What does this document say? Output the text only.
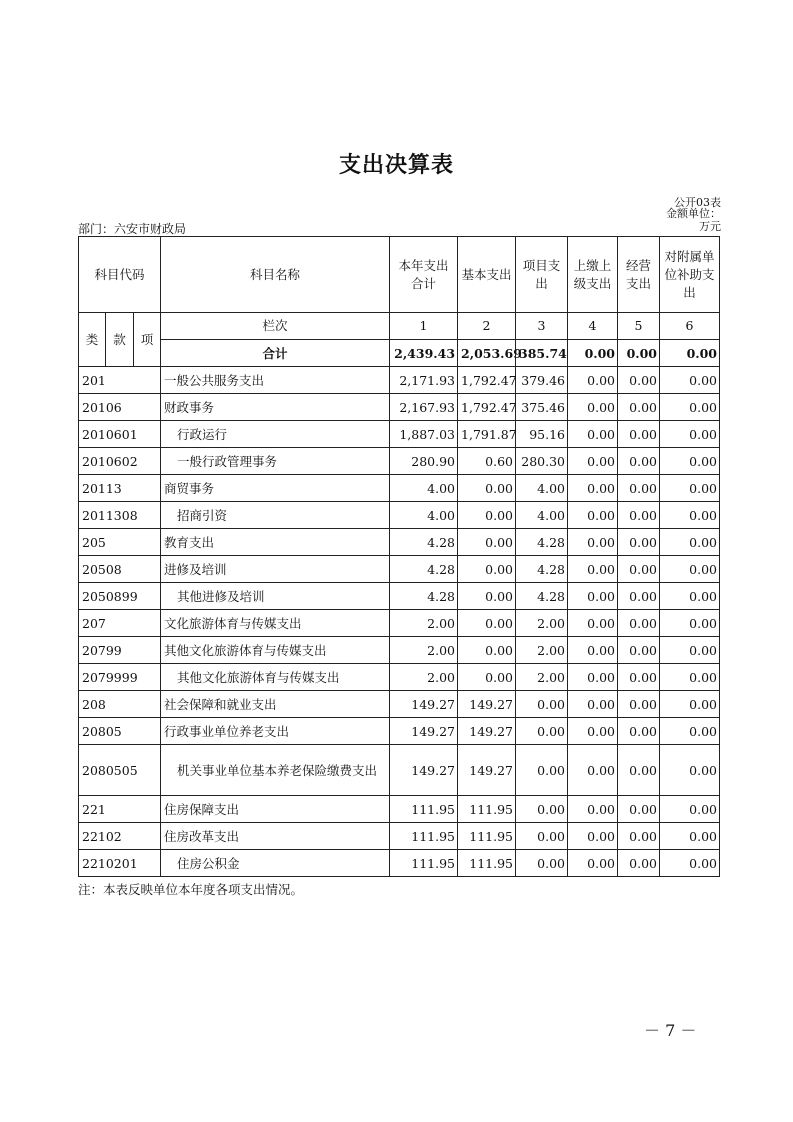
支出决算表
公开03表
金额单位：
万元
部门：六安市财政局
科目代码			科目名称	本年支出合计	基本支出	项目支出	上缴上级支出	经营支出	对附属单位补助支出
类	款	项	栏次	1	2	3	4	5	6
			合计	2,439.43	2,053.69	385.74	0.00	0.00	0.00
201			一般公共服务支出	2,171.93	1,792.47	379.46	0.00	0.00	0.00
20106			财政事务	2,167.93	1,792.47	375.46	0.00	0.00	0.00
2010601			行政运行	1,887.03	1,791.87	95.16	0.00	0.00	0.00
2010602			一般行政管理事务	280.90	0.60	280.30	0.00	0.00	0.00
20113			商贸事务	4.00	0.00	4.00	0.00	0.00	0.00
2011308			招商引资	4.00	0.00	4.00	0.00	0.00	0.00
205			教育支出	4.28	0.00	4.28	0.00	0.00	0.00
20508			进修及培训	4.28	0.00	4.28	0.00	0.00	0.00
2050899			其他进修及培训	4.28	0.00	4.28	0.00	0.00	0.00
207			文化旅游体育与传媒支出	2.00	0.00	2.00	0.00	0.00	0.00
20799			其他文化旅游体育与传媒支出	2.00	0.00	2.00	0.00	0.00	0.00
2079999			其他文化旅游体育与传媒支出	2.00	0.00	2.00	0.00	0.00	0.00
208			社会保障和就业支出	149.27	149.27	0.00	0.00	0.00	0.00
20805			行政事业单位养老支出	149.27	149.27	0.00	0.00	0.00	0.00
2080505			机关事业单位基本养老保险缴费支出	149.27	149.27	0.00	0.00	0.00	0.00
221			住房保障支出	111.95	111.95	0.00	0.00	0.00	0.00
22102			住房改革支出	111.95	111.95	0.00	0.00	0.00	0.00
2210201			住房公积金	111.95	111.95	0.00	0.00	0.00	0.00
注：本表反映单位本年度各项支出情况。
－ 7 －
